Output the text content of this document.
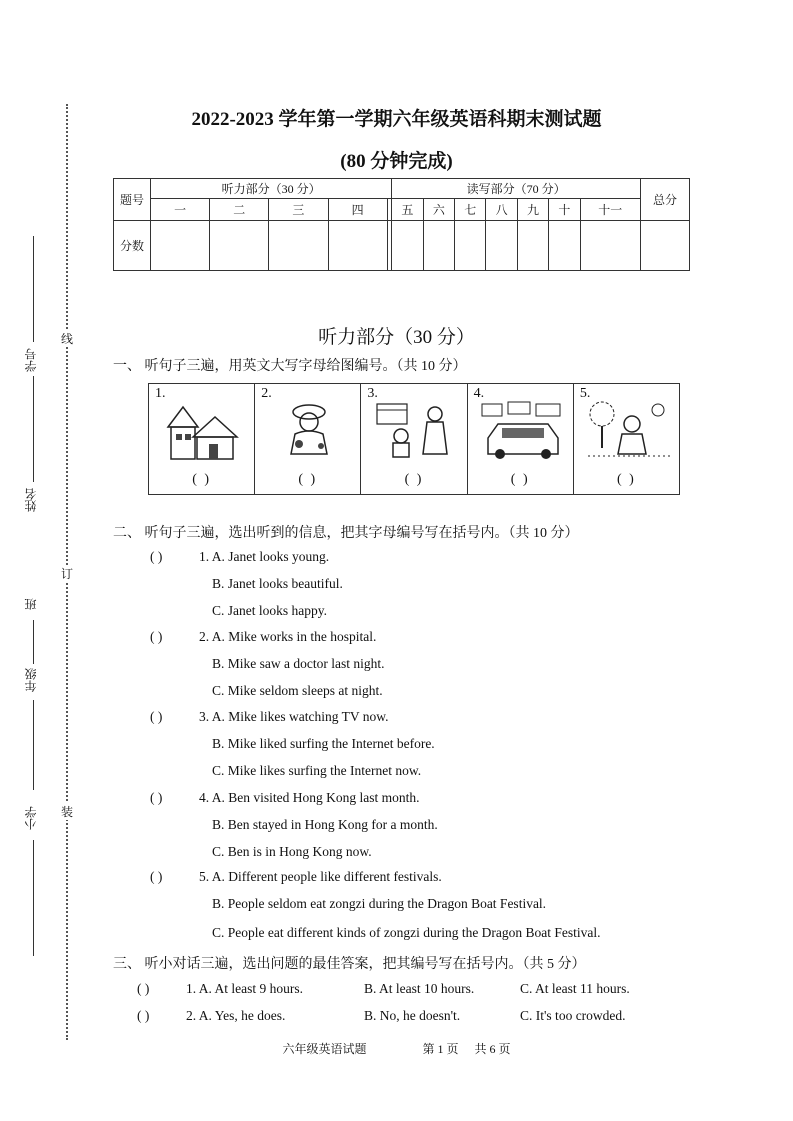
线
订
装
学号
姓名
班
年级
小学
2022-2023 学年第一学期六年级英语科期末测试题
(80 分钟完成)
题号	听力部分（30 分）					读写部分（70 分）							总分
	一	二	三	四		五	六	七	八	九	十	十一	
分数													
听力部分（30 分）
一、 听句子三遍，用英文大写字母给图编号。（共 10 分）
1.
( )
2.
( )
3.
( )
4.
( )
5.
( )
二、 听句子三遍，选出听到的信息，把其字母编号写在括号内。（共 10 分）
( )	1. A. Janet looks young.
B. Janet looks beautiful.
C. Janet looks happy.
( )	2. A. Mike works in the hospital.
B. Mike saw a doctor last night.
C. Mike seldom sleeps at night.
( )	3. A. Mike likes watching TV now.
B. Mike liked surfing the Internet before.
C. Mike likes surfing the Internet now.
( )	4. A. Ben visited Hong Kong last month.
B. Ben stayed in Hong Kong for a month.
C. Ben is in Hong Kong now.
( )	5. A. Different people like different festivals.
B. People seldom eat zongzi during the Dragon Boat Festival.
C. People eat different kinds of zongzi during the Dragon Boat Festival.
三、 听小对话三遍，选出问题的最佳答案，把其编号写在括号内。（共 5 分）
( )	1. A. At least 9 hours.	B. At least 10 hours.	C. At least 11 hours.
( )	2. A. Yes, he does.	B. No, he doesn't.	C. It's too crowded.
六年级英语试题	第 1 页 共 6 页
